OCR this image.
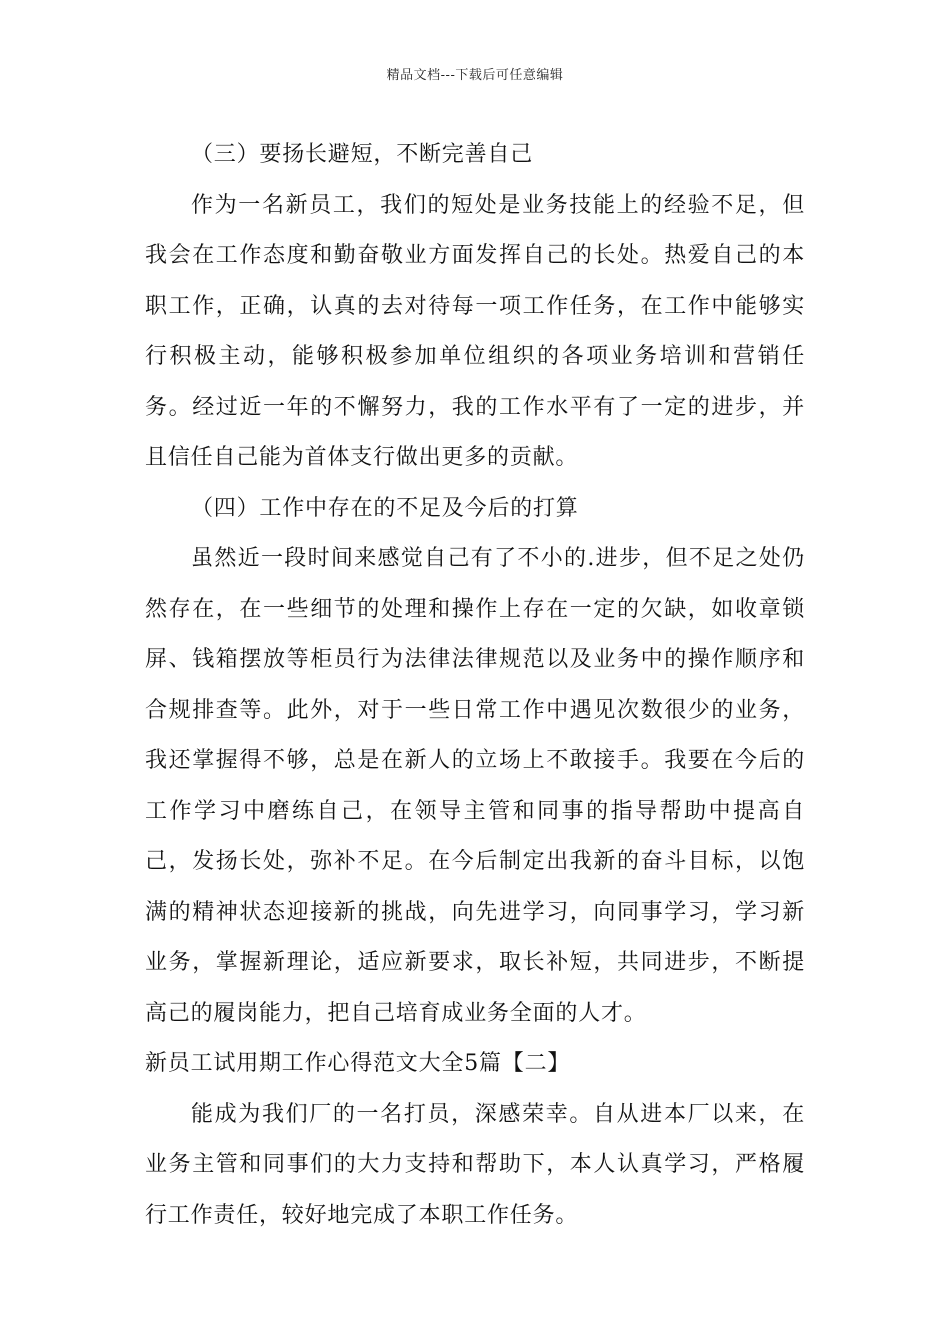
精品文档---下载后可任意编辑

（三）要扬长避短，不断完善自己

作为一名新员工，我们的短处是业务技能上的经验不足，但我会在工作态度和勤奋敬业方面发挥自己的长处。热爱自己的本职工作，正确，认真的去对待每一项工作任务，在工作中能够实行积极主动，能够积极参加单位组织的各项业务培训和营销任务。经过近一年的不懈努力，我的工作水平有了一定的进步，并且信任自己能为首体支行做出更多的贡献。

（四）工作中存在的不足及今后的打算

虽然近一段时间来感觉自己有了不小的.进步，但不足之处仍然存在，在一些细节的处理和操作上存在一定的欠缺，如收章锁屏、钱箱摆放等柜员行为法律法律规范以及业务中的操作顺序和合规排查等。此外，对于一些日常工作中遇见次数很少的业务，我还掌握得不够，总是在新人的立场上不敢接手。我要在今后的工作学习中磨练自己，在领导主管和同事的指导帮助中提高自己，发扬长处，弥补不足。在今后制定出我新的奋斗目标，以饱满的精神状态迎接新的挑战，向先进学习，向同事学习，学习新业务，掌握新理论，适应新要求，取长补短，共同进步，不断提高己的履岗能力，把自己培育成业务全面的人才。

新员工试用期工作心得范文大全5篇【二】

能成为我们厂的一名打员，深感荣幸。自从进本厂以来，在业务主管和同事们的大力支持和帮助下，本人认真学习，严格履行工作责任，较好地完成了本职工作任务。
